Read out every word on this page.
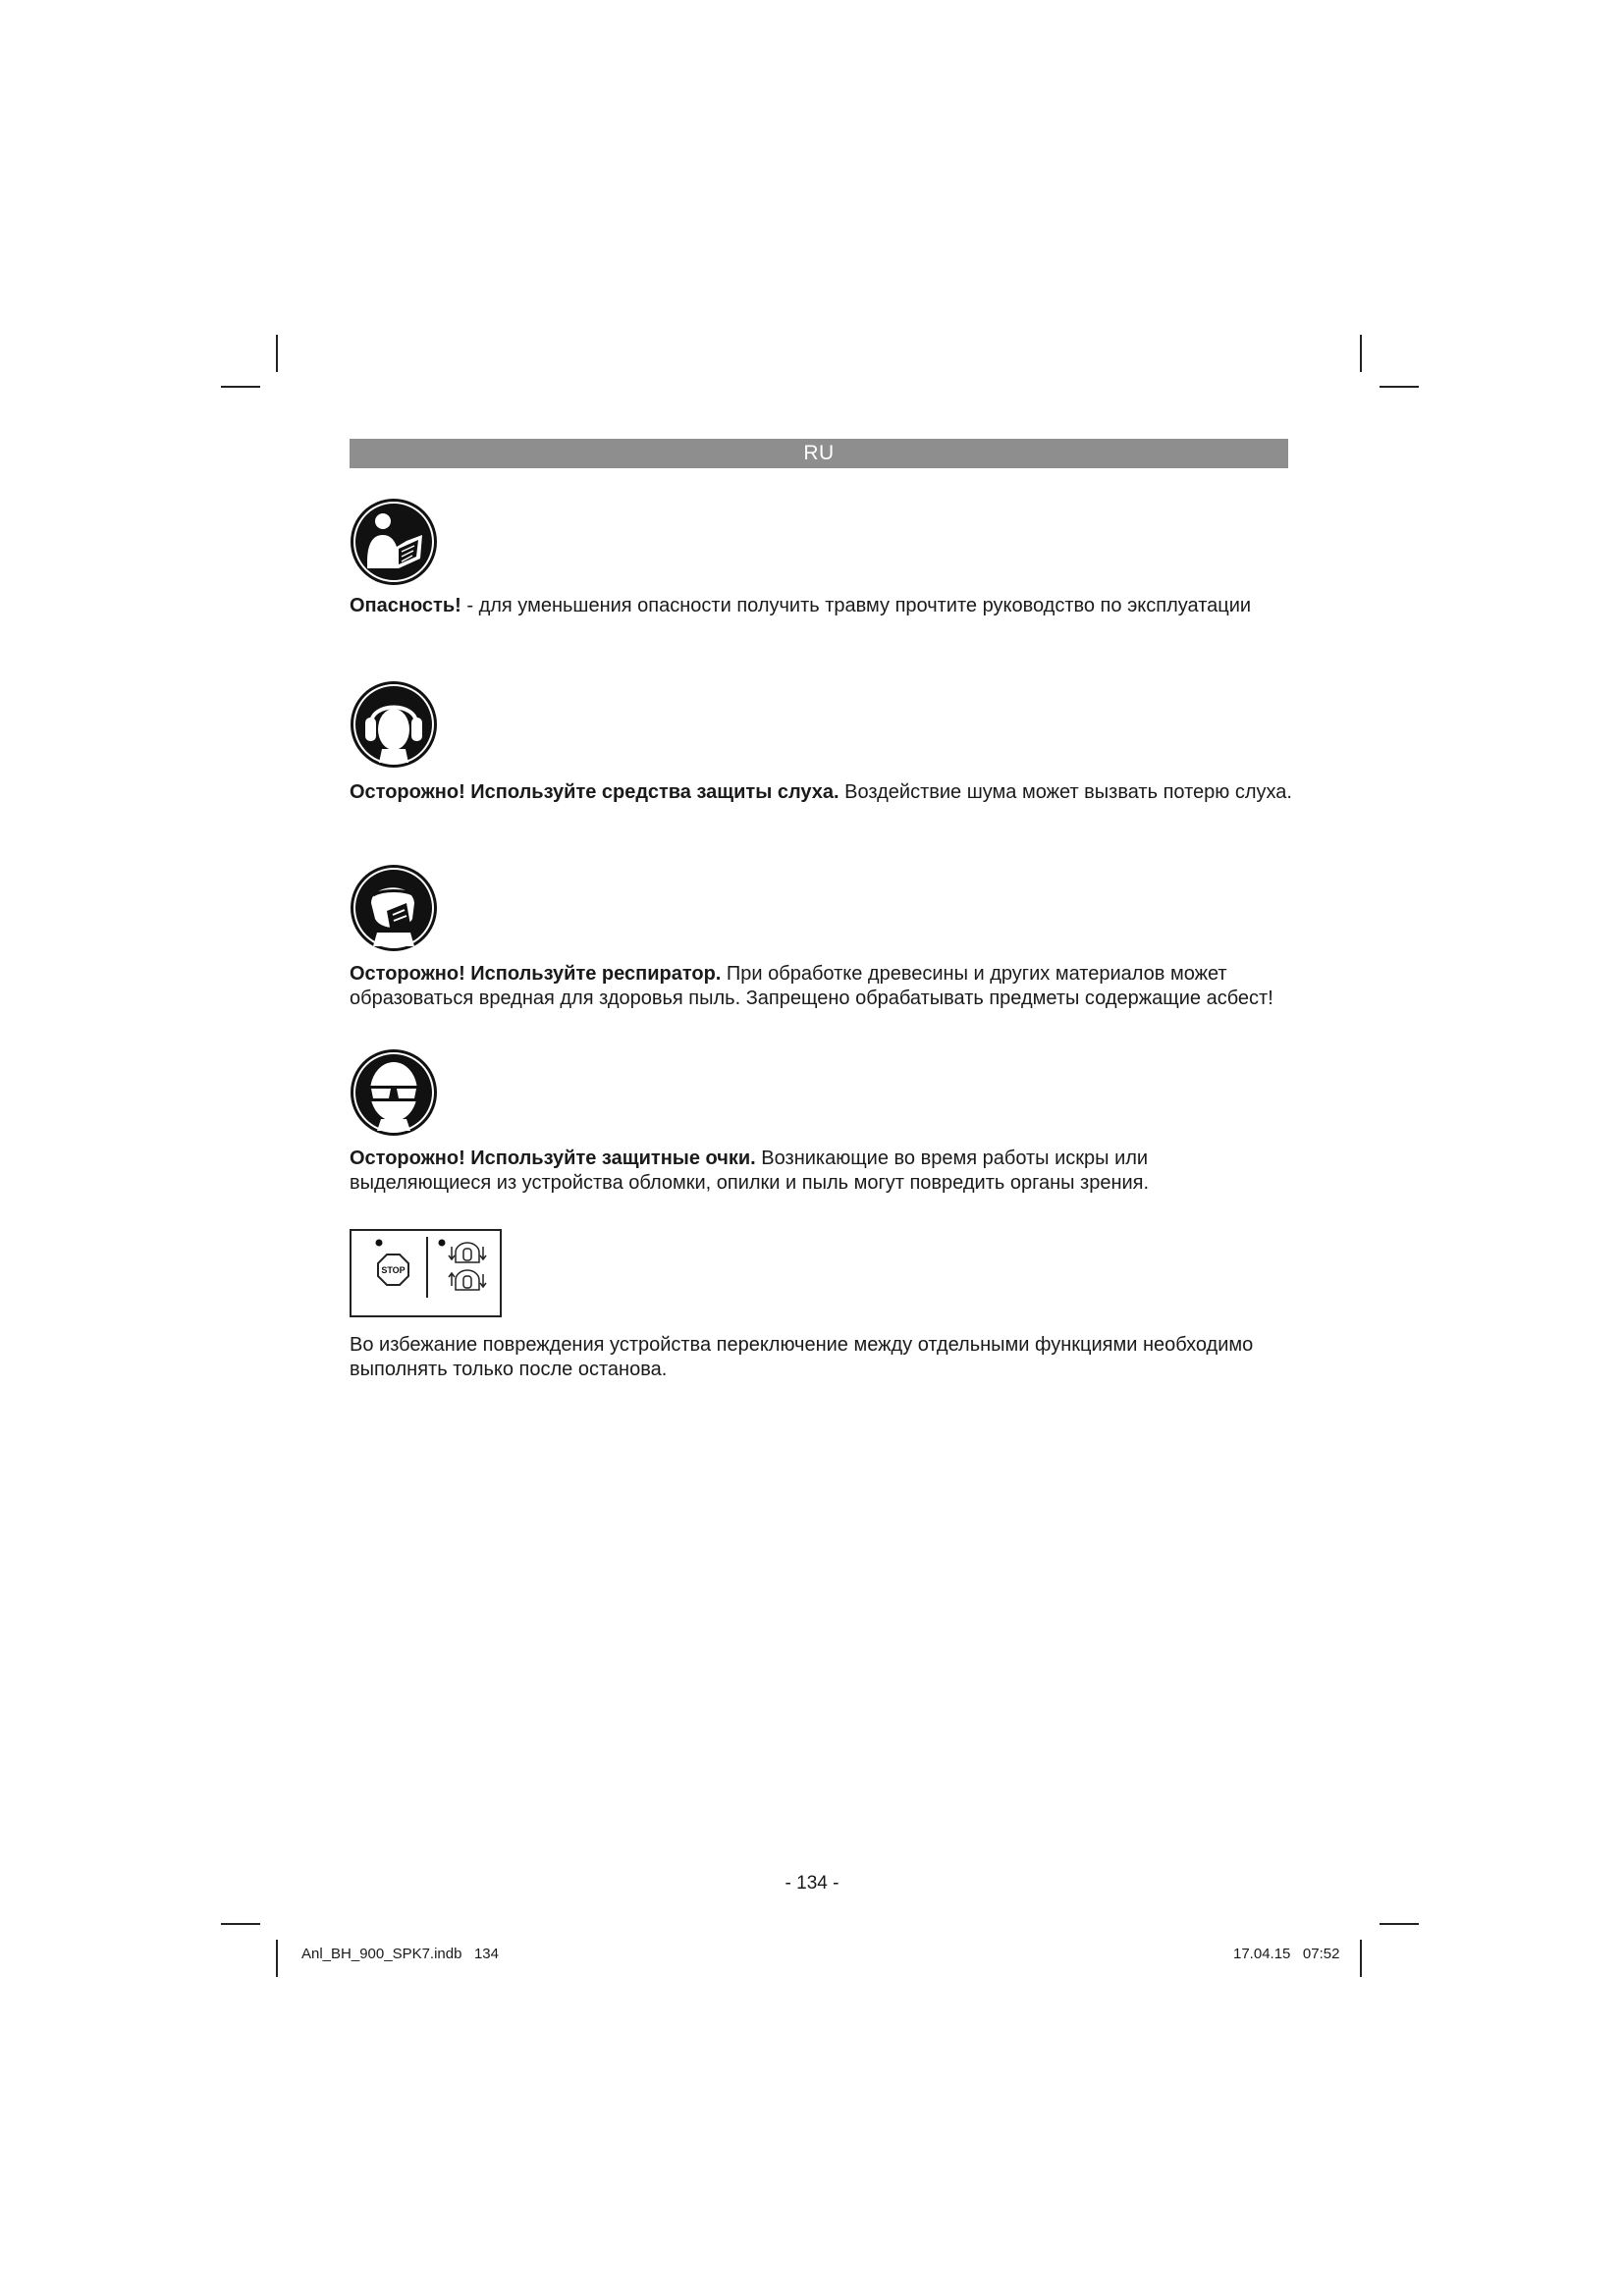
RU

Опасность! - для уменьшения опасности получить травму прочтите руководство по эксплуатации

Осторожно! Используйте средства защиты слуха. Воздействие шума может вызвать потерю слуха.

Осторожно! Используйте респиратор. При обработке древесины и других материалов может образоваться вредная для здоровья пыль. Запрещено обрабатывать предметы содержащие асбест!

Осторожно! Используйте защитные очки. Возникающие во время работы искры или выделяющиеся из устройства обломки, опилки и пыль могут повредить органы зрения.

STOP

Во избежание повреждения устройства переключение между отдельными функциями необходимо выполнять только после останова.

- 134 -
Anl_BH_900_SPK7.indb   134	17.04.15   07:52
